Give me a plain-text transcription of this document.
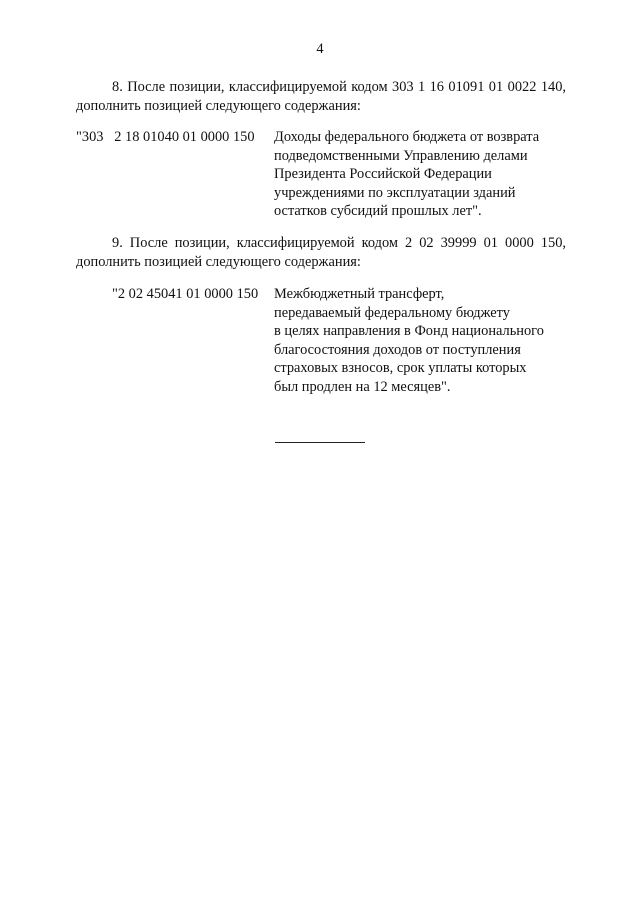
4
8. После позиции, классифицируемой кодом 303 1 16 01091 01 0022 140,
дополнить позицией следующего содержания:
"303   2 18 01040 01 0000 150 Доходы федерального бюджета от возврата
подведомственными Управлению делами
Президента Российской Федерации
учреждениями по эксплуатации зданий
остатков субсидий прошлых лет".
9. После позиции, классифицируемой кодом 2 02 39999 01 0000 150,
дополнить позицией следующего содержания:
"2 02 45041 01 0000 150 Межбюджетный трансферт,
передаваемый федеральному бюджету
в целях направления в Фонд национального
благосостояния доходов от поступления
страховых взносов, срок уплаты которых
был продлен на 12 месяцев".
